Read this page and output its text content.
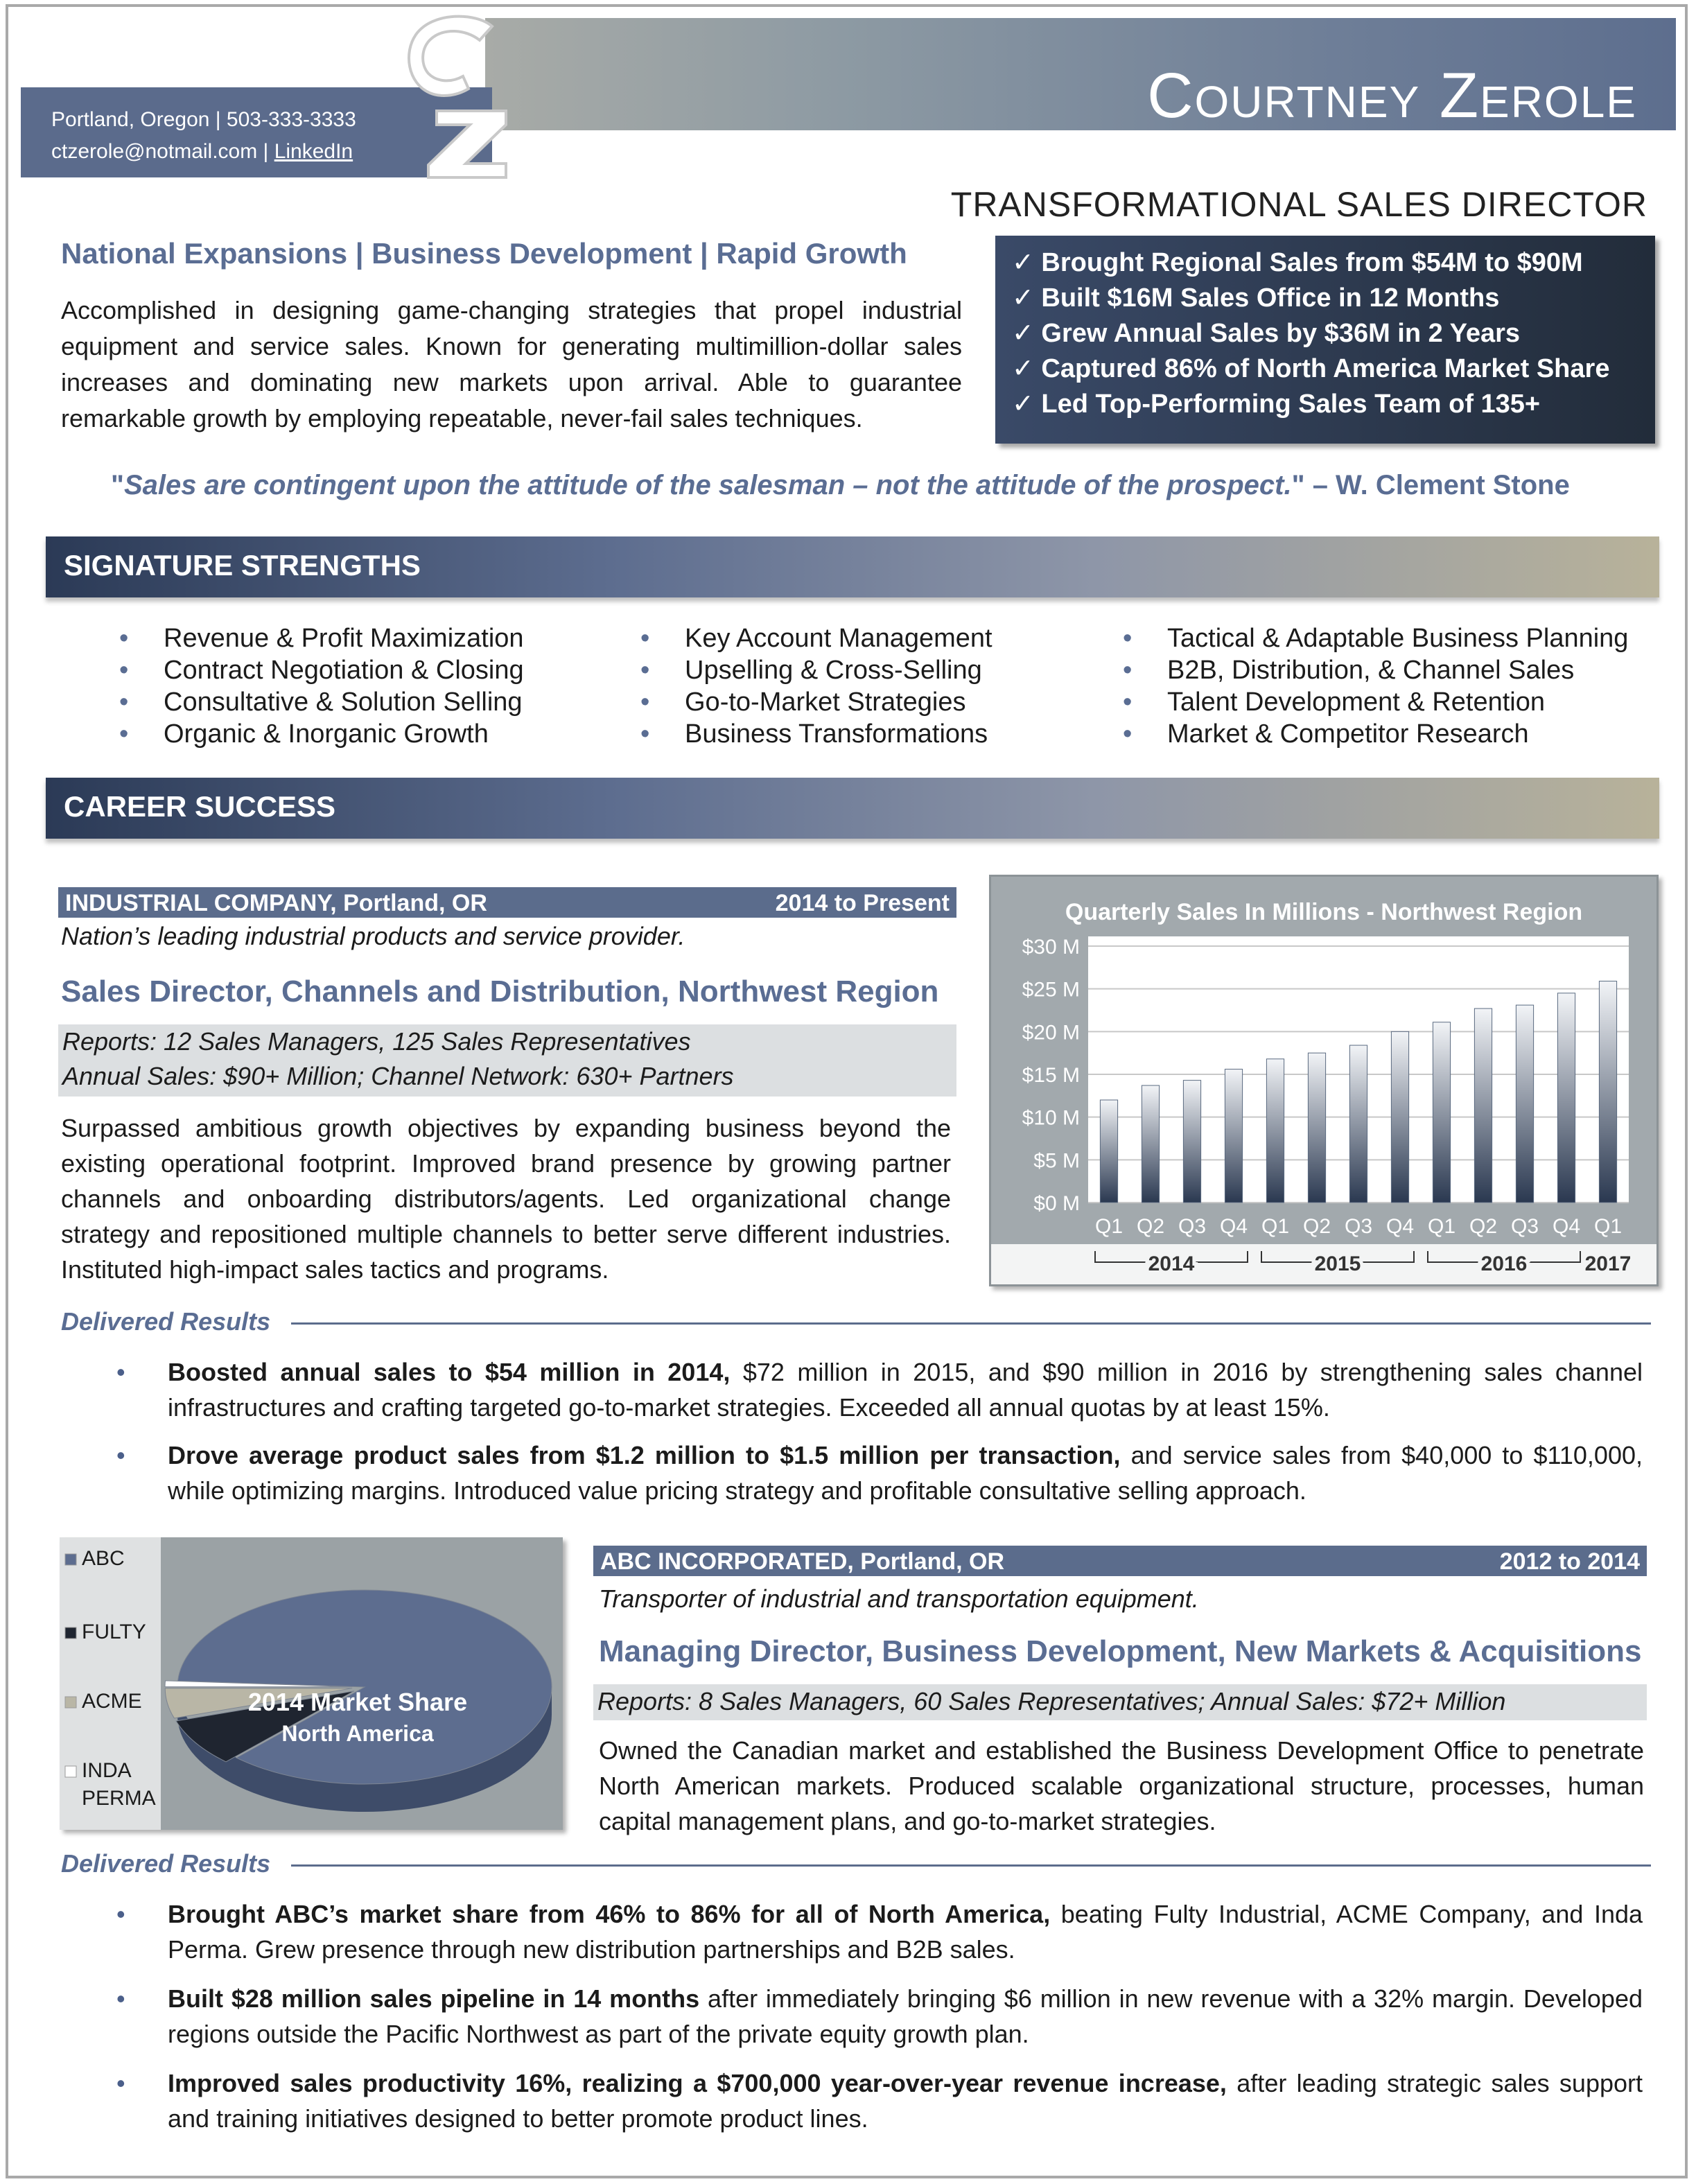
Courtney Zerole
Portland, Oregon | 503-333-3333
ctzerole@notmail.com | LinkedIn
TRANSFORMATIONAL SALES DIRECTOR
National Expansions | Business Development | Rapid Growth
Accomplished in designing game-changing strategies that propel industrial equipment and service sales. Known for generating multimillion-dollar sales increases and dominating new markets upon arrival. Able to guarantee remarkable growth by employing repeatable, never-fail sales techniques.
✓ Brought Regional Sales from $54M to $90M
✓ Built $16M Sales Office in 12 Months
✓ Grew Annual Sales by $36M in 2 Years
✓ Captured 86% of North America Market Share
✓ Led Top-Performing Sales Team of 135+
"Sales are contingent upon the attitude of the salesman – not the attitude of the prospect." – W. Clement Stone
SIGNATURE STRENGTHS
• Revenue & Profit Maximization
• Contract Negotiation & Closing
• Consultative & Solution Selling
• Organic & Inorganic Growth
• Key Account Management
• Upselling & Cross-Selling
• Go-to-Market Strategies
• Business Transformations
• Tactical & Adaptable Business Planning
• B2B, Distribution, & Channel Sales
• Talent Development & Retention
• Market & Competitor Research
CAREER SUCCESS
INDUSTRIAL COMPANY, Portland, OR	2014 to Present
Nation’s leading industrial products and service provider.
Sales Director, Channels and Distribution, Northwest Region
Reports: 12 Sales Managers, 125 Sales Representatives
Annual Sales: $90+ Million; Channel Network: 630+ Partners
Surpassed ambitious growth objectives by expanding business beyond the existing operational footprint. Improved brand presence by growing partner channels and onboarding distributors/agents. Led organizational change strategy and repositioned multiple channels to better serve different industries. Instituted high-impact sales tactics and programs.
Quarterly Sales In Millions - Northwest Region
$0 M
$5 M
$10 M
$15 M
$20 M
$25 M
$30 M
Q1 Q2 Q3 Q4 Q1 Q2 Q3 Q4 Q1 Q2 Q3 Q4 Q1
2014	2015	2016	2017
Delivered Results
•	Boosted annual sales to $54 million in 2014, $72 million in 2015, and $90 million in 2016 by strengthening sales channel infrastructures and crafting targeted go-to-market strategies. Exceeded all annual quotas by at least 15%.
•	Drove average product sales from $1.2 million to $1.5 million per transaction, and service sales from $40,000 to $110,000, while optimizing margins. Introduced value pricing strategy and profitable consultative selling approach.
ABC
FULTY
ACME
INDA
PERMA
2014 Market Share
North America
ABC INCORPORATED, Portland, OR	2012 to 2014
Transporter of industrial and transportation equipment.
Managing Director, Business Development, New Markets & Acquisitions
Reports: 8 Sales Managers, 60 Sales Representatives; Annual Sales: $72+ Million
Owned the Canadian market and established the Business Development Office to penetrate North American markets. Produced scalable organizational structure, processes, human capital management plans, and go-to-market strategies.
Delivered Results
•	Brought ABC’s market share from 46% to 86% for all of North America, beating Fulty Industrial, ACME Company, and Inda Perma. Grew presence through new distribution partnerships and B2B sales.
•	Built $28 million sales pipeline in 14 months after immediately bringing $6 million in new revenue with a 32% margin. Developed regions outside the Pacific Northwest as part of the private equity growth plan.
•	Improved sales productivity 16%, realizing a $700,000 year-over-year revenue increase, after leading strategic sales support and training initiatives designed to better promote product lines.
